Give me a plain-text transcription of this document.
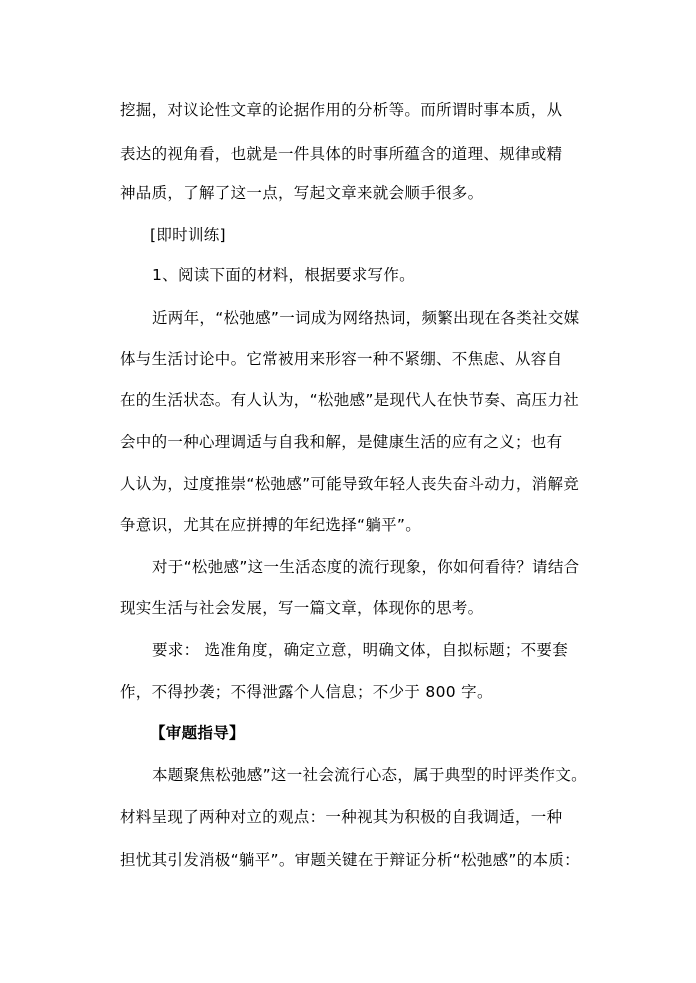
挖掘，对议论性文章的论据作用的分析等。而所谓时事本质，从
表达的视角看，也就是一件具体的时事所蕴含的道理、规律或精
神品质，了解了这一点，写起文章来就会顺手很多。
[即时训练]
1、阅读下面的材料，根据要求写作。
近两年，“松弛感”一词成为网络热词，频繁出现在各类社交媒
体与生活讨论中。它常被用来形容一种不紧绷、不焦虑、从容自
在的生活状态。有人认为，“松弛感”是现代人在快节奏、高压力社
会中的一种心理调适与自我和解，是健康生活的应有之义；也有
人认为，过度推崇“松弛感”可能导致年轻人丧失奋斗动力，消解竞
争意识，尤其在应拼搏的年纪选择“躺平”。
对于“松弛感”这一生活态度的流行现象，你如何看待？请结合
现实生活与社会发展，写一篇文章，体现你的思考。
要求： 选准角度，确定立意，明确文体，自拟标题；不要套
作，不得抄袭；不得泄露个人信息；不少于 800 字。
【审题指导】
本题聚焦松弛感”这一社会流行心态，属于典型的时评类作文。
材料呈现了两种对立的观点：一种视其为积极的自我调适，一种
担忧其引发消极“躺平”。审题关键在于辩证分析“松弛感”的本质：
